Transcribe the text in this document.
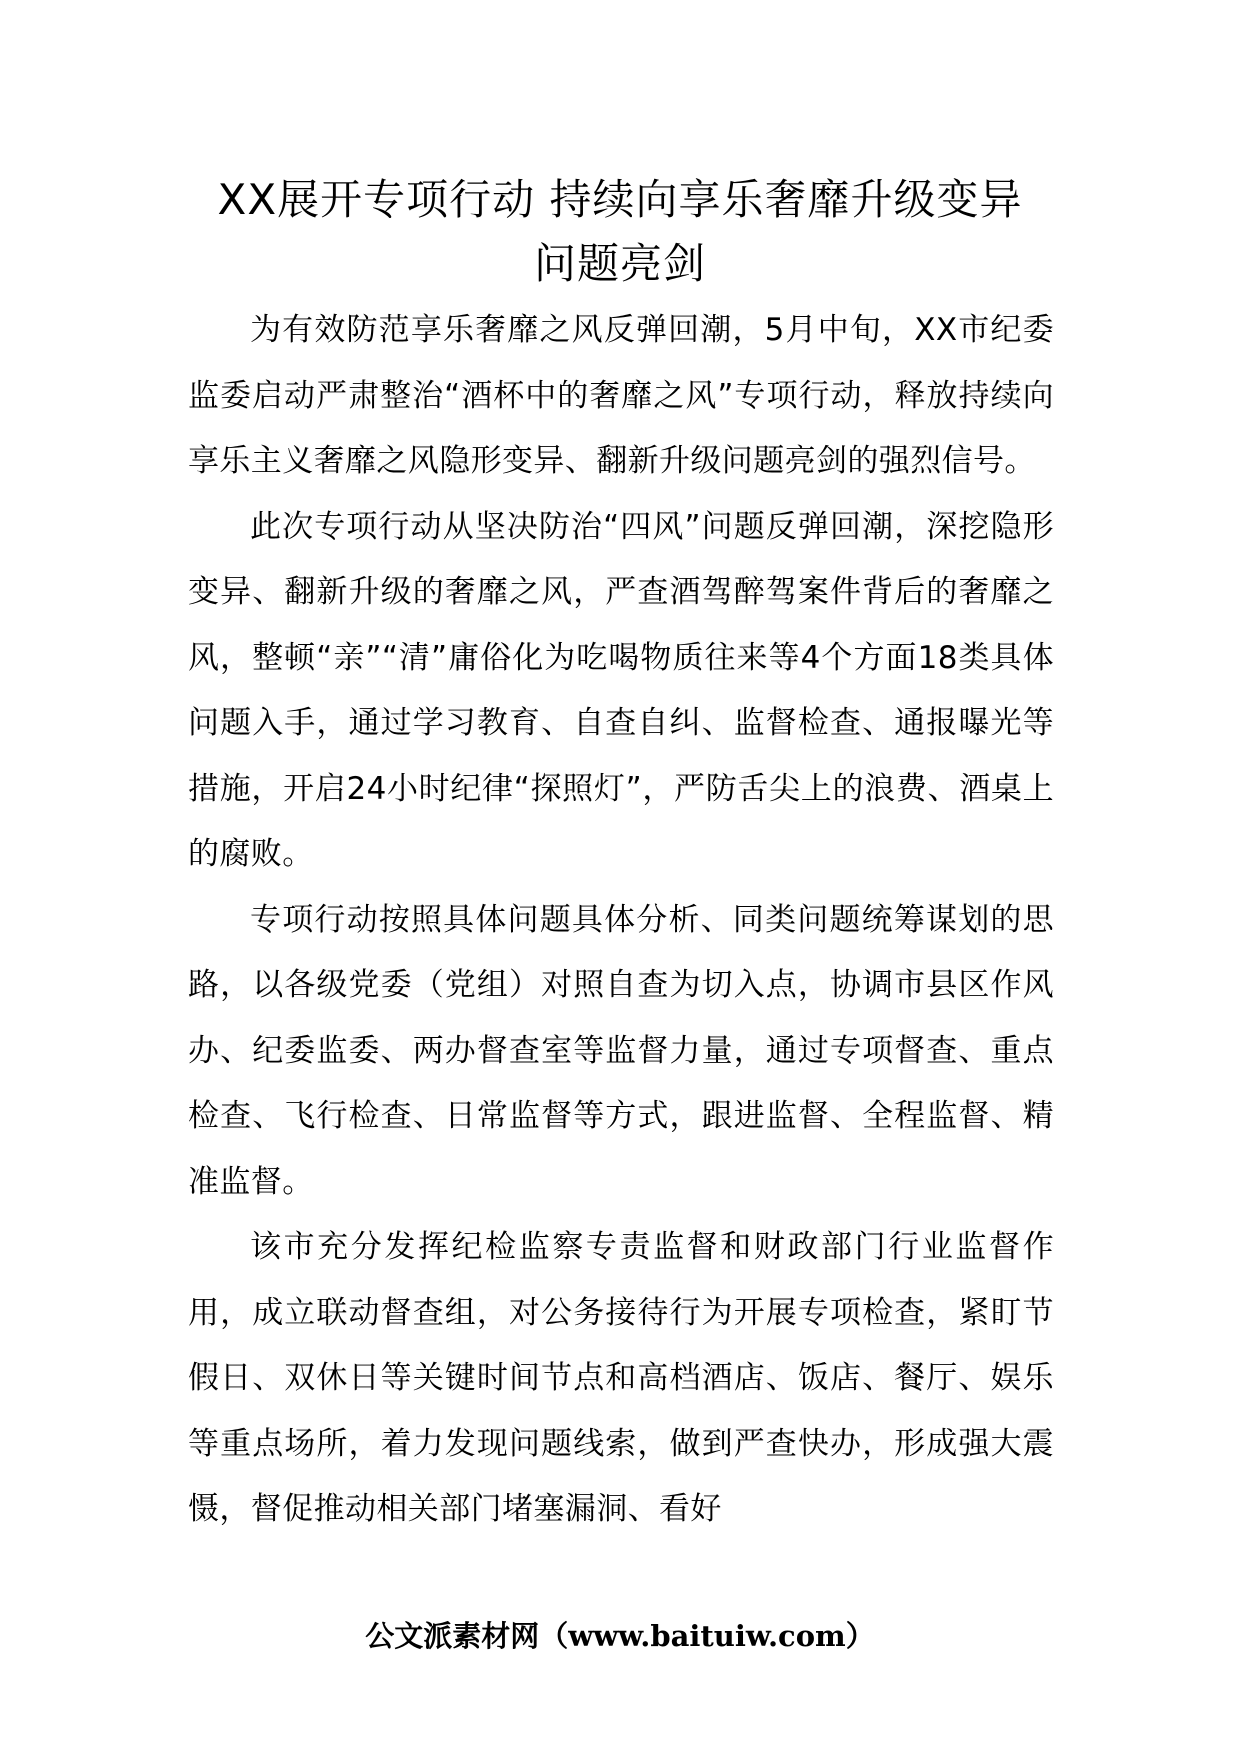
XX展开专项行动 持续向享乐奢靡升级变异
问题亮剑

为有效防范享乐奢靡之风反弹回潮，5月中旬，XX市纪委监委启动严肃整治“酒杯中的奢靡之风”专项行动，释放持续向享乐主义奢靡之风隐形变异、翻新升级问题亮剑的强烈信号。

此次专项行动从坚决防治“四风”问题反弹回潮，深挖隐形变异、翻新升级的奢靡之风，严查酒驾醉驾案件背后的奢靡之风，整顿“亲”“清”庸俗化为吃喝物质往来等4个方面18类具体问题入手，通过学习教育、自查自纠、监督检查、通报曝光等措施，开启24小时纪律“探照灯”，严防舌尖上的浪费、酒桌上的腐败。

专项行动按照具体问题具体分析、同类问题统筹谋划的思路，以各级党委（党组）对照自查为切入点，协调市县区作风办、纪委监委、两办督查室等监督力量，通过专项督查、重点检查、飞行检查、日常监督等方式，跟进监督、全程监督、精准监督。

该市充分发挥纪检监察专责监督和财政部门行业监督作用，成立联动督查组，对公务接待行为开展专项检查，紧盯节假日、双休日等关键时间节点和高档酒店、饭店、餐厅、娱乐等重点场所，着力发现问题线索，做到严查快办，形成强大震慑，督促推动相关部门堵塞漏洞、看好

公文派素材网（www.baituiw.com）
